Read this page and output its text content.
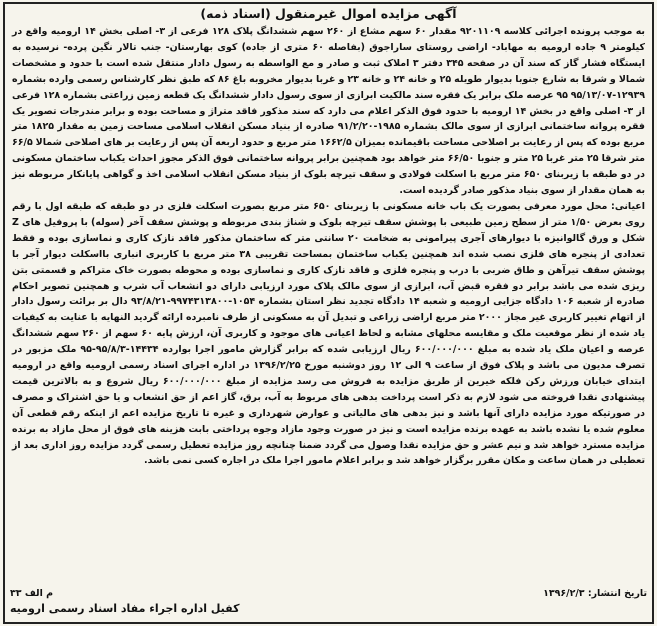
آگهی مزایده اموال غیرمنقول (اسناد ذمه)

به موجب پرونده اجرائی کلاسه ۹۲۰۱۱۰۹ مقدار ۶۰ سهم مشاع از ۲۶۰ سهم ششدانگ پلاک ۱۲۸ فرعی از ۳- اصلی بخش ۱۴ ارومیه واقع در کیلومتر ۹ جاده ارومیه به مهاباد- اراضی روستای ساراجوق (بفاصله ۶۰ متری از جاده) کوی بهارستان- جنب تالار نگین پرده- نرسیده به ایستگاه فشار گاز که سند آن در صفحه ۳۴۵ دفتر ۳ املاک ثبت و صادر و مع الواسطه به رسول دادار منتقل شده است با حدود و مشخصات شمالا و شرقا به شارع جنوبا بدیوار طویله ۲۵ و خانه ۲۴ و خانه ۲۳ و غربا بدیوار مخروبه باغ ۸۶ که طبق نظر کارشناس رسمی وارده بشماره ۱۲۹۳۹-۹۵/۱۳/۰۷ ۹۵ عرصه ملک برابر یک فقره سند مالکیت ابرازی از سوی رسول دادار ششدانگ یک قطعه زمین زراعتی بشماره ۱۲۸ فرعی از ۳- اصلی واقع در بخش ۱۴ ارومیه با حدود فوق الذکر اعلام می دارد که سند مذکور فاقد متراژ و مساحت بوده و برابر مندرجات تصویر یک فقره پروانه ساختمانی ابرازی از سوی مالک بشماره ۱۹۸۵-۹۱/۲/۲۰ صادره از بنیاد مسکن انقلاب اسلامی مساحت زمین به مقدار ۱۸۲۵ متر مربع بوده که پس از رعایت بر اصلاحی مساحت باقیمانده بمیزان ۱۶۶۲/۵ متر مربع و حدود اربعه آن پس از رعایت بر های اصلاحی شمالا ۶۶/۵ متر شرقا ۲۵ متر غربا ۲۵ متر و جنوبا ۶۶/۵۰ متر خواهد بود همچنین برابر پروانه ساختمانی فوق الذکر مجوز احداث یکباب ساختمان مسکونی در دو طبقه با زیربنای ۶۵۰ متر مربع با اسکلت فولادی و سقف تیرچه بلوک از بنیاد مسکن انقلاب اسلامی اخذ و گواهی پایانکار مربوطه نیز به همان مقدار از سوی بنیاد مذکور صادر گردیده است.

اعیانی: محل مورد معرفی بصورت یک باب خانه مسکونی با زیربنای ۶۵۰ متر مربع بصورت اسکلت فلزی در دو طبقه که طبقه اول با رقم روی بعرض ۱/۵۰ متر از سطح زمین طبیعی با پوشش سقف تیرچه بلوک و شناژ بندی مربوطه و پوشش سقف آخر (سوله) با پروفیل های Z شکل و ورق گالوانیزه با دیوارهای آجری پیرامونی به ضخامت ۲۰ سانتی متر که ساختمان مذکور فاقد نازک کاری و نماسازی بوده و فقط تعدادی از پنجره های فلزی نصب شده اند همچنین یکباب ساختمان بمساحت تقریبی ۳۸ متر مربع با کاربری انباری بااسکلت دیوار آجر با پوشش سقف تیرآهن و طاق ضربی با درب و پنجره فلزی و فاقد نازک کاری و نماسازی بوده و محوطه بصورت خاک متراکم و قسمتی بتن ریزی شده می باشد برابر دو فقره قبض آب، ابرازی از سوی مالک پلاک مورد ارزیابی دارای دو انشعاب آب شرب و همچنین تصویر احکام صادره از شعبه ۱۰۶ دادگاه جزایی ارومیه و شعبه ۱۴ دادگاه تجدید نظر استان بشماره ۱۰۵۴-۹۹۷۴۳۱۳۸۰۰-۹۳/۸/۲۱ دال بر برائت رسول دادار از اتهام تغییر کاربری غیر مجاز ۲۰۰۰ متر مربع اراضی زراعی و تبدیل آن به مسکونی از طرف نامبرده ارائه گردید النهایه با عنایت به کیفیات یاد شده از نظر موقعیت ملک و مقایسه محلهای مشابه و لحاظ اعیانی های موجود و کاربری آن، ارزش پایه ۶۰ سهم از ۲۶۰ سهم ششدانگ عرصه و اعیان ملک یاد شده به مبلغ ۶۰۰/۰۰۰/۰۰۰ ریال ارزیابی شده که برابر گزارش مامور اجرا بوارده ۱۴۴۳۴-۹۵/۸/۳-۹۵ ملک مزبور در تصرف مدیون می باشد و پلاک فوق از ساعت ۹ الی ۱۲ روز دوشنبه مورخ ۱۳۹۶/۲/۲۵ در اداره اجرای اسناد رسمی ارومیه واقع در ارومیه ابتدای خیابان ورزش رکن فلکه خیرین از طریق مزایده به فروش می رسد مزایده از مبلغ ۶۰۰/۰۰۰/۰۰۰ ریال شروع و به بالاترین قیمت پیشنهادی نقدا فروخته می شود لازم به ذکر است پرداخت بدهی های مربوط به آب، برق، گاز اعم از حق انشعاب و یا حق اشتراک و مصرف در صورتیکه مورد مزایده دارای آنها باشد و نیز بدهی های مالیاتی و عوارض شهرداری و غیره تا تاریخ مزایده اعم از اینکه رقم قطعی آن معلوم شده یا نشده باشد به عهده برنده مزایده است و نیز در صورت وجود مازاد وجوه پرداختی بابت هزینه های فوق از محل مازاد به برنده مزایده مسترد خواهد شد و نیم عشر و حق مزایده نقدا وصول می گردد ضمنا چنانچه روز مزایده تعطیل رسمی گردد مزایده روز اداری بعد از تعطیلی در همان ساعت و مکان مقرر برگزار خواهد شد و برابر اعلام مامور اجرا ملک در اجاره کسی نمی باشد.

تاریخ انتشار: ۱۳۹۶/۲/۳
م الف ۳۳
کفیل اداره اجراء مفاد اسناد رسمی ارومیه
